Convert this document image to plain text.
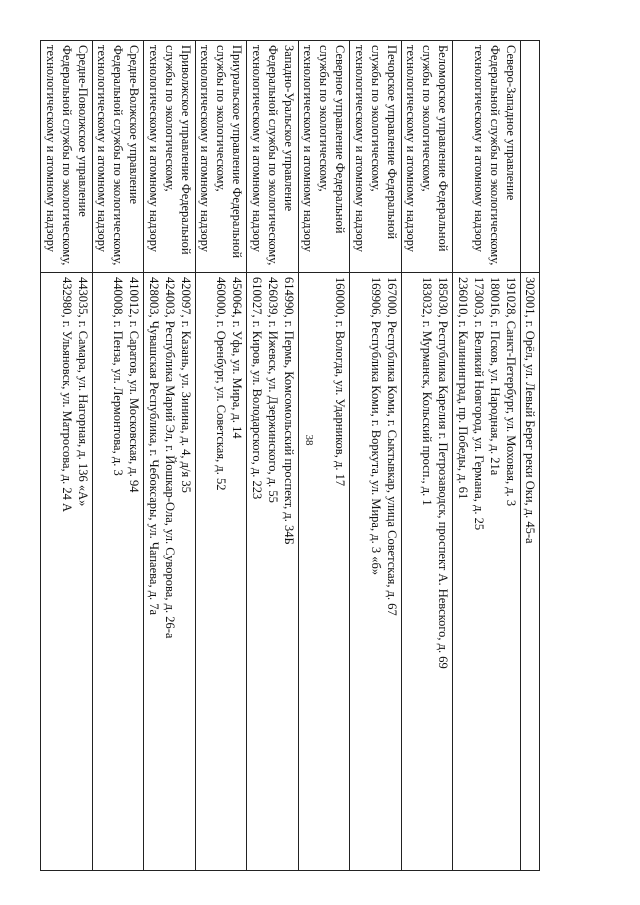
38

	302001, г. Орёл, ул. Левый Берег реки Оки, д. 45-а

Северо-Западное управление Федеральной службы по экологическому, технологическому и атомному надзору	191028, Санкт-Петербург, ул. Моховая, д. 3
180016, г. Псков, ул. Народная, д. 21а
173003, г. Великий Новгород, ул. Германа, д. 25
236010, г. Калининград, пр. Победы, д. 61

Беломорское управление Федеральной службы по экологическому, технологическому и атомному надзору	185030, Республика Карелия г. Петрозаводск, проспект А. Невского, д. 69
183032, г. Мурманск, Кольский просп., д. 1

Печорское управление Федеральной службы по экологическому, технологическому и атомному надзору	167000, Республика Коми, г. Сыктывкар, улица Советская, д. 67
169906, Республика Коми, г. Воркута, ул. Мира, д. 3 «б»

Северное управление Федеральной службы по экологическому, технологическому и атомному надзору	160000, г. Вологда, ул. Ударников, д. 17

Западно-Уральское управление Федеральной службы по экологическому, технологическому и атомному надзору	614990, г. Пермь, Комсомольский проспект, д. 34Б
426039, г. Ижевск, ул. Дзержинского, д. 55
610027, г. Киров, ул. Володарского, д. 223

Приуральское управление Федеральной службы по экологическому, технологическому и атомному надзору	450064, г. Уфа, ул. Мира, д. 14
460000, г. Оренбург, ул. Советская, д. 52

Приволжское управление Федеральной службы по экологическому, технологическому и атомному надзору	420097, г. Казань, ул. Зинина, д. 4, д/я 35
424003, Республика Марий Эл, г. Йошкар-Ола, ул. Суворова, д. 26-а
428003, Чувашская Республика, г. Чебоксары, ул. Чапаева, д. 7а

Средне-Волжское управление Федеральной службы по экологическому, технологическому и атомному надзору	410012, г. Саратов, ул. Московская, д. 94
440008, г. Пенза, ул. Лермонтова, д. 3

Средне-Поволжское управление Федеральной службы по экологическому, технологическому и атомному надзору	443035, г. Самара, ул. Нагорная, д. 136 «А»
432980, г. Ульяновск, ул. Матросова, д. 24 А
